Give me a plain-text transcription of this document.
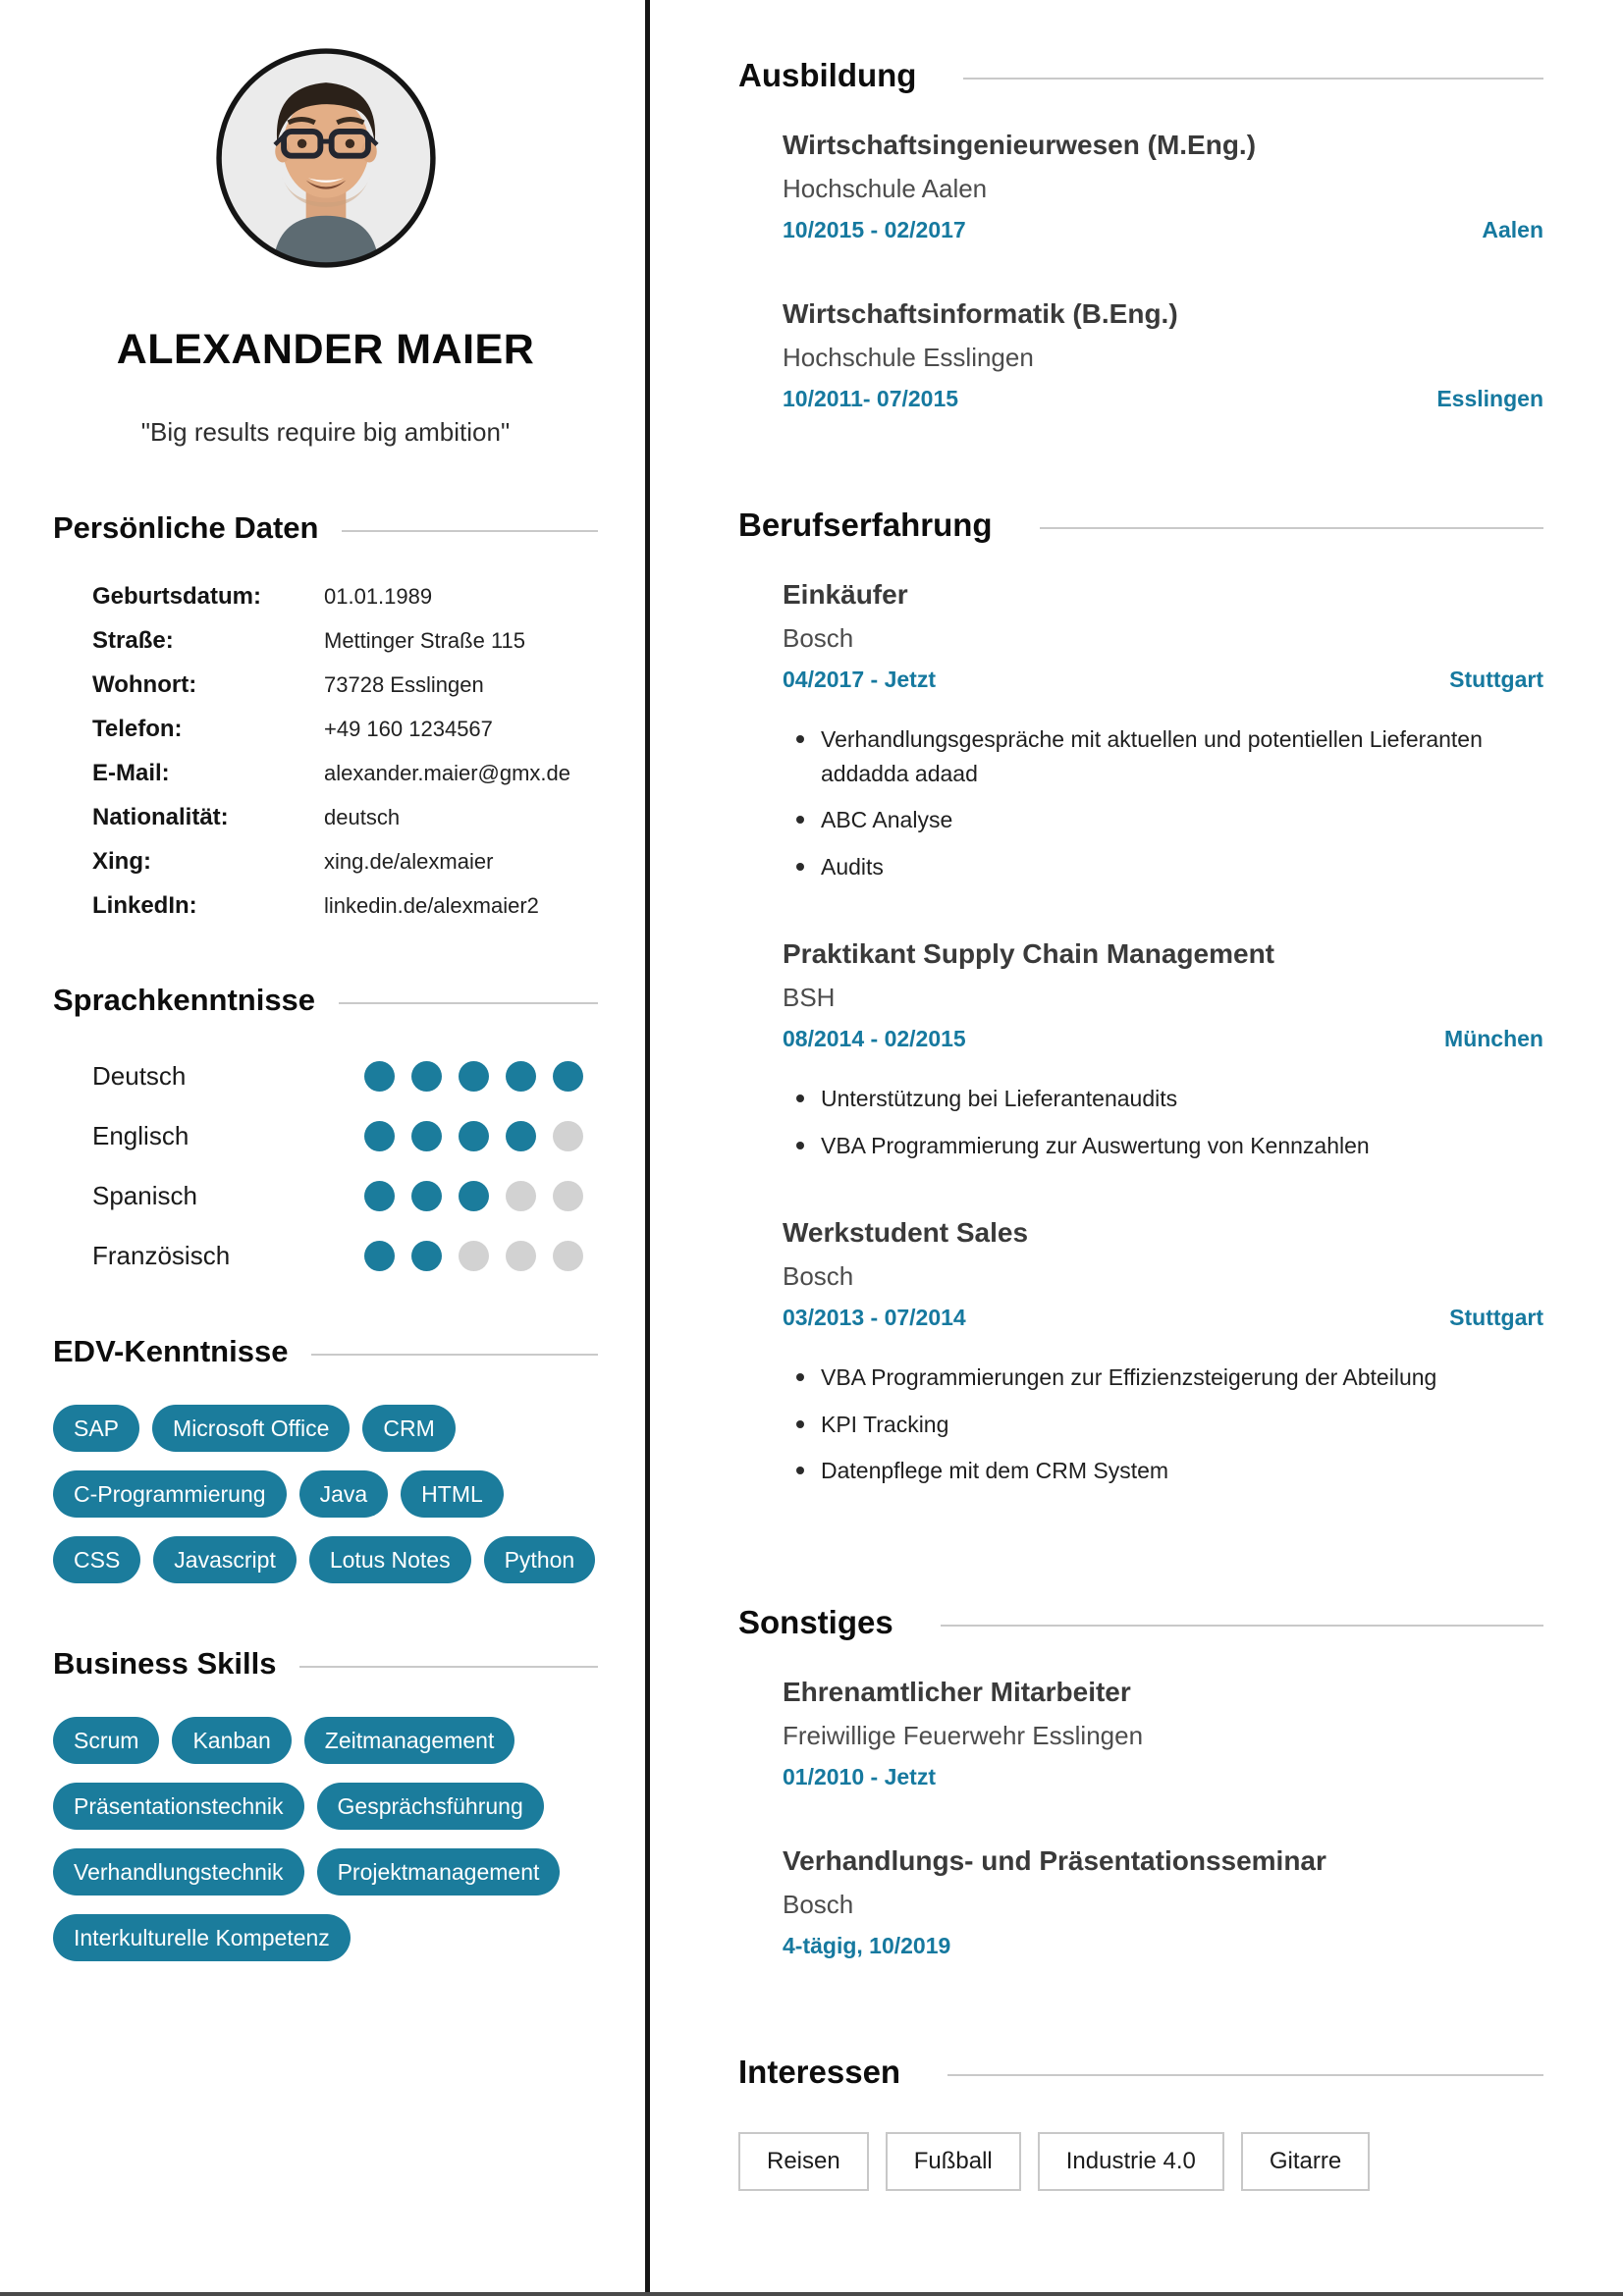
ALEXANDER MAIER

"Big results require big ambition"

Persönliche Daten
Geburtsdatum:	01.01.1989
Straße:	Mettinger Straße 115
Wohnort:	73728 Esslingen
Telefon:	+49 160 1234567
E-Mail:	alexander.maier@gmx.de
Nationalität:	deutsch
Xing:	xing.de/alexmaier
LinkedIn:	linkedin.de/alexmaier2
Sprachkenntnisse
Deutsch
Englisch
Spanisch
Französisch
EDV-Kenntnisse
SAP	Microsoft Office	CRM
C-Programmierung	Java	HTML
CSS	Javascript	Lotus Notes	Python
Business Skills
Scrum	Kanban	Zeitmanagement
Präsentationstechnik	Gesprächsführung
Verhandlungstechnik	Projektmanagement
Interkulturelle Kompetenz
Ausbildung
Wirtschaftsingenieurwesen (M.Eng.)

Hochschule Aalen

10/2015 - 02/2017	Aalen
Wirtschaftsinformatik (B.Eng.)

Hochschule Esslingen

10/2011- 07/2015	Esslingen
Berufserfahrung
Einkäufer

Bosch

04/2017 - Jetzt	Stuttgart
Verhandlungsgespräche mit aktuellen und potentiellen Lieferanten addadda adaad
ABC Analyse
Audits
Praktikant Supply Chain Management

BSH

08/2014 - 02/2015	München
Unterstützung bei Lieferantenaudits
VBA Programmierung zur Auswertung von Kennzahlen
Werkstudent Sales

Bosch

03/2013 - 07/2014	Stuttgart
VBA Programmierungen zur Effizienzsteigerung der Abteilung
KPI Tracking
Datenpflege mit dem CRM System
Sonstiges
Ehrenamtlicher Mitarbeiter

Freiwillige Feuerwehr Esslingen

01/2010 - Jetzt
Verhandlungs- und Präsentationsseminar

Bosch

4-tägig, 10/2019
Interessen
Reisen	Fußball	Industrie 4.0	Gitarre
